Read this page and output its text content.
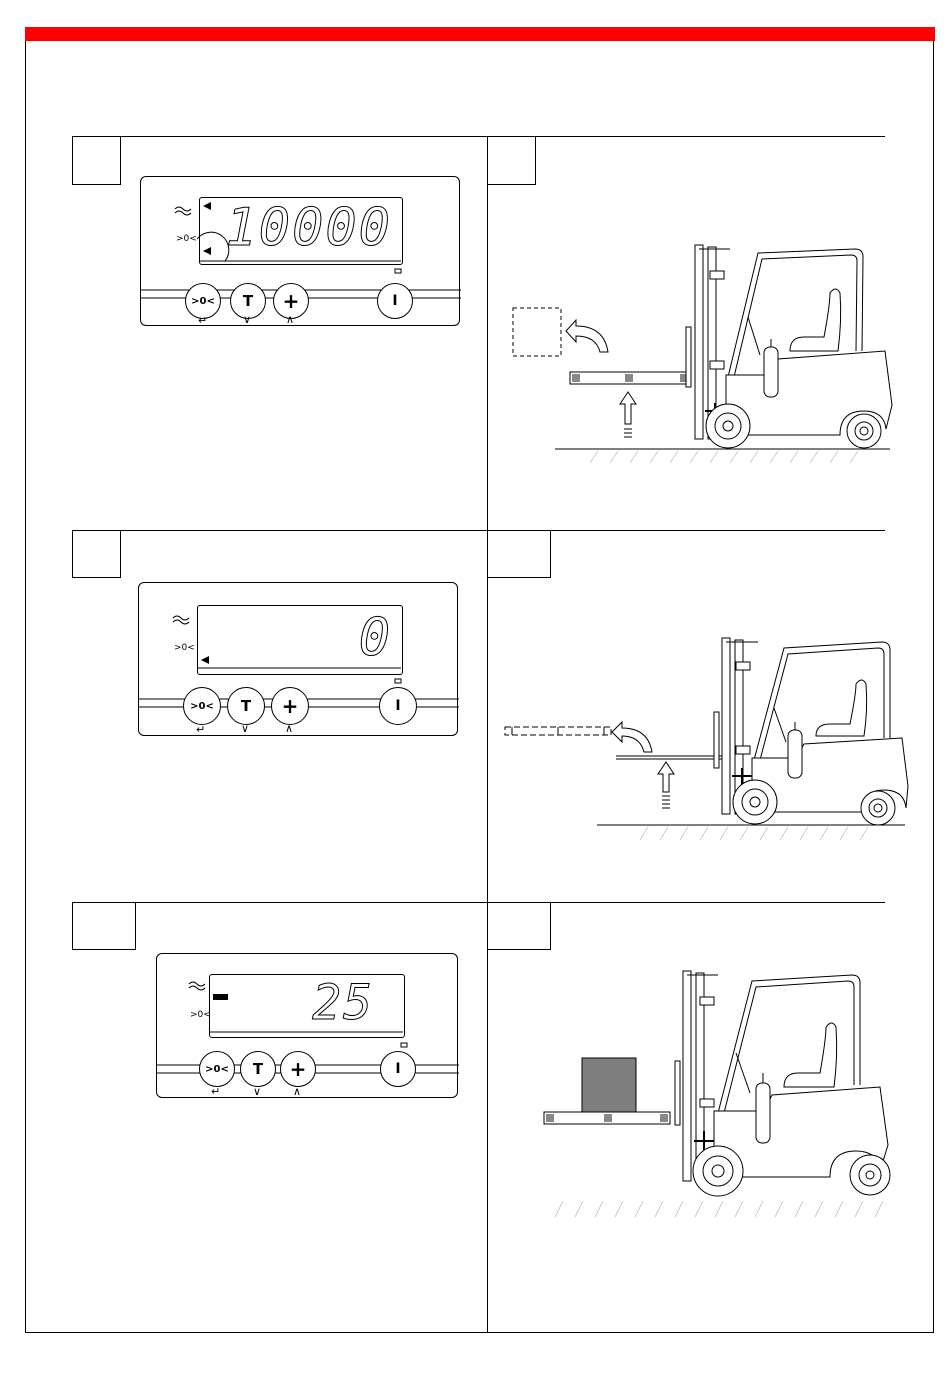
>0< 10000
>0< T +	I
↵	∨	∧
>0<	0
>0< T +	I
↵	∨	∧
>0< 25
>0< T +	I
↵	∨	∧
